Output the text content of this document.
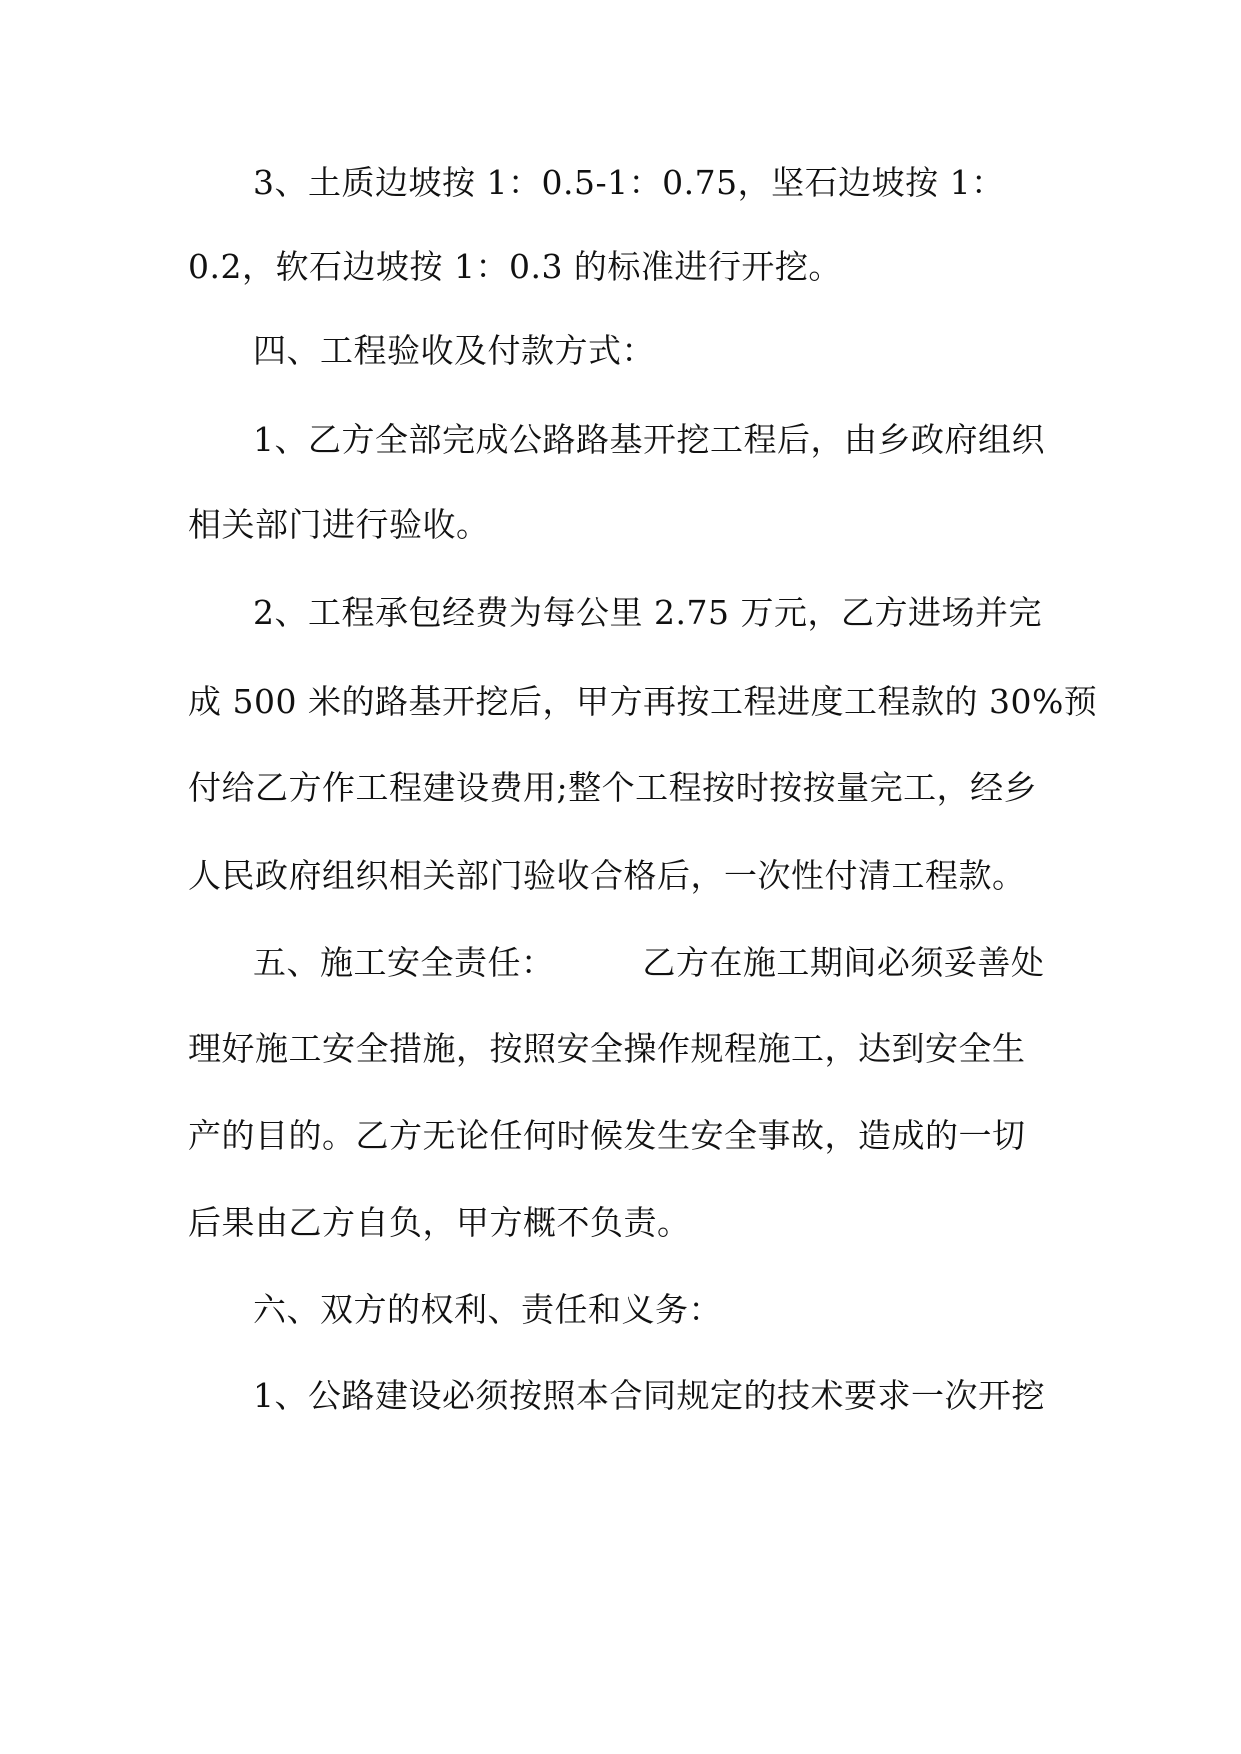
3、土质边坡按 1：0.5-1：0.75，坚石边坡按 1：
0.2，软石边坡按 1：0.3 的标准进行开挖。
四、工程验收及付款方式：
1、乙方全部完成公路路基开挖工程后，由乡政府组织
相关部门进行验收。
2、工程承包经费为每公里 2.75 万元，乙方进场并完
成 500 米的路基开挖后，甲方再按工程进度工程款的 30%预
付给乙方作工程建设费用;整个工程按时按按量完工，经乡
人民政府组织相关部门验收合格后，一次性付清工程款。
五、施工安全责任：        乙方在施工期间必须妥善处
理好施工安全措施，按照安全操作规程施工，达到安全生
产的目的。乙方无论任何时候发生安全事故，造成的一切
后果由乙方自负，甲方概不负责。
六、双方的权利、责任和义务：
1、公路建设必须按照本合同规定的技术要求一次开挖
